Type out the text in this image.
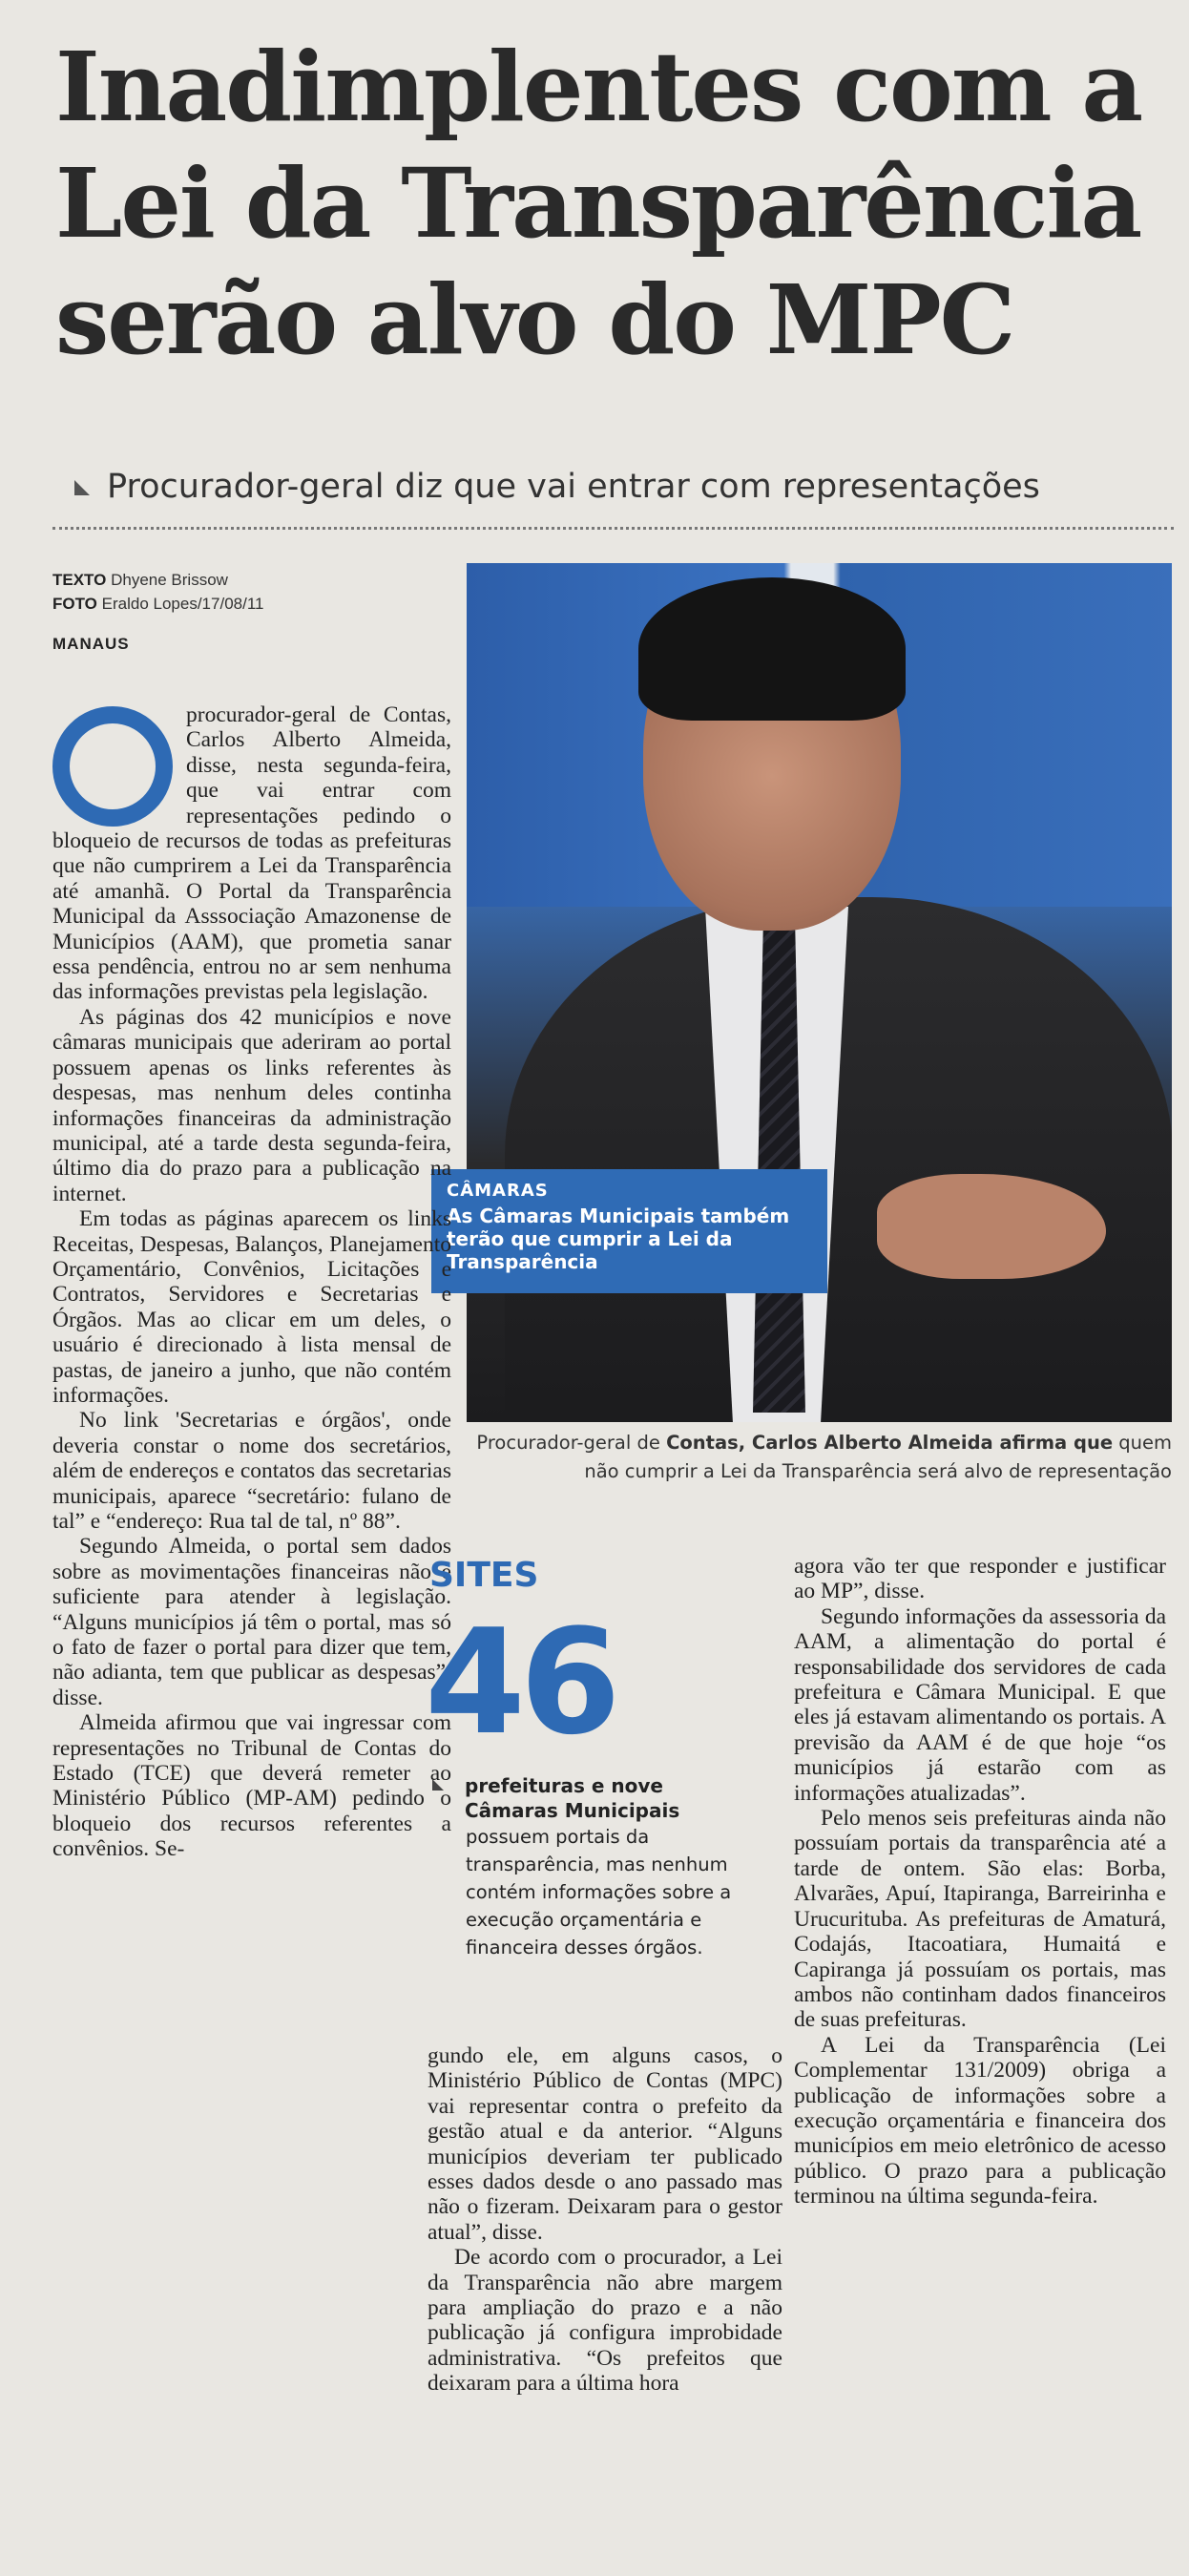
Inadimplentes com a
Lei da Transparência
serão alvo do MPC
Procurador-geral diz que vai entrar com representações
TEXTO Dhyene Brissow
FOTO Eraldo Lopes/17/08/11
MANAUS
CÂMARAS
As Câmaras Municipais também terão que cumprir a Lei da Transparência
Procurador-geral de Contas, Carlos Alberto Almeida afirma que quem não cumprir a Lei da Transparência será alvo de representação

procurador-geral de Contas, Carlos Alberto Almeida, disse, nesta segunda-feira, que vai entrar com representações pedindo o bloqueio de recursos de todas as prefeituras que não cumprirem a Lei da Transparência até amanhã. O Portal da Transparência Municipal da Asssociação Amazonense de Municípios (AAM), que prometia sanar essa pendência, entrou no ar sem nenhuma das informações previstas pela legislação.

As páginas dos 42 municípios e nove câmaras municipais que aderiram ao portal possuem apenas os links referentes às despesas, mas nenhum deles continha informações financeiras da administração municipal, até a tarde desta segunda-feira, último dia do prazo para a publicação na internet.

Em todas as páginas aparecem os links Receitas, Despesas, Balanços, Planejamento Orçamentário, Convênios, Licitações e Contratos, Servidores e Secretarias e Órgãos. Mas ao clicar em um deles, o usuário é direcionado à lista mensal de pastas, de janeiro a junho, que não contém informações.

No link 'Secretarias e órgãos', onde deveria constar o nome dos secretários, além de endereços e contatos das secretarias municipais, aparece “secretário: fulano de tal” e “endereço: Rua tal de tal, nº 88”.

Segundo Almeida, o portal sem dados sobre as movimentações financeiras não é suficiente para atender à legislação. “Alguns municípios já têm o portal, mas só o fato de fazer o portal para dizer que tem, não adianta, tem que publicar as despesas”, disse.

Almeida afirmou que vai ingressar com representações no Tribunal de Contas do Estado (TCE) que deverá remeter ao Ministério Público (MP-AM) pedindo o bloqueio dos recursos referentes a convênios. Se-

SITES
46
prefeituras e nove Câmaras Municipais
possuem portais da transparência, mas nenhum contém informações sobre a execução orçamentária e financeira desses órgãos.

gundo ele, em alguns casos, o Ministério Público de Contas (MPC) vai representar contra o prefeito da gestão atual e da anterior. “Alguns municípios deveriam ter publicado esses dados desde o ano passado mas não o fizeram. Deixaram para o gestor atual”, disse.

De acordo com o procurador, a Lei da Transparência não abre margem para ampliação do prazo e a não publicação já configura improbidade administrativa. “Os prefeitos que deixaram para a última hora

agora vão ter que responder e justificar ao MP”, disse.

Segundo informações da assessoria da AAM, a alimentação do portal é responsabilidade dos servidores de cada prefeitura e Câmara Municipal. E que eles já estavam alimentando os portais. A previsão da AAM é de que hoje “os municípios já estarão com as informações atualizadas”.

Pelo menos seis prefeituras ainda não possuíam portais da transparência até a tarde de ontem. São elas: Borba, Alvarães, Apuí, Itapiranga, Barreirinha e Urucurituba. As prefeituras de Amaturá, Codajás, Itacoatiara, Humaitá e Capiranga já possuíam os portais, mas ambos não continham dados financeiros de suas prefeituras.

A Lei da Transparência (Lei Complementar 131/2009) obriga a publicação de informações sobre a execução orçamentária e financeira dos municípios em meio eletrônico de acesso público. O prazo para a publicação terminou na última segunda-feira.
